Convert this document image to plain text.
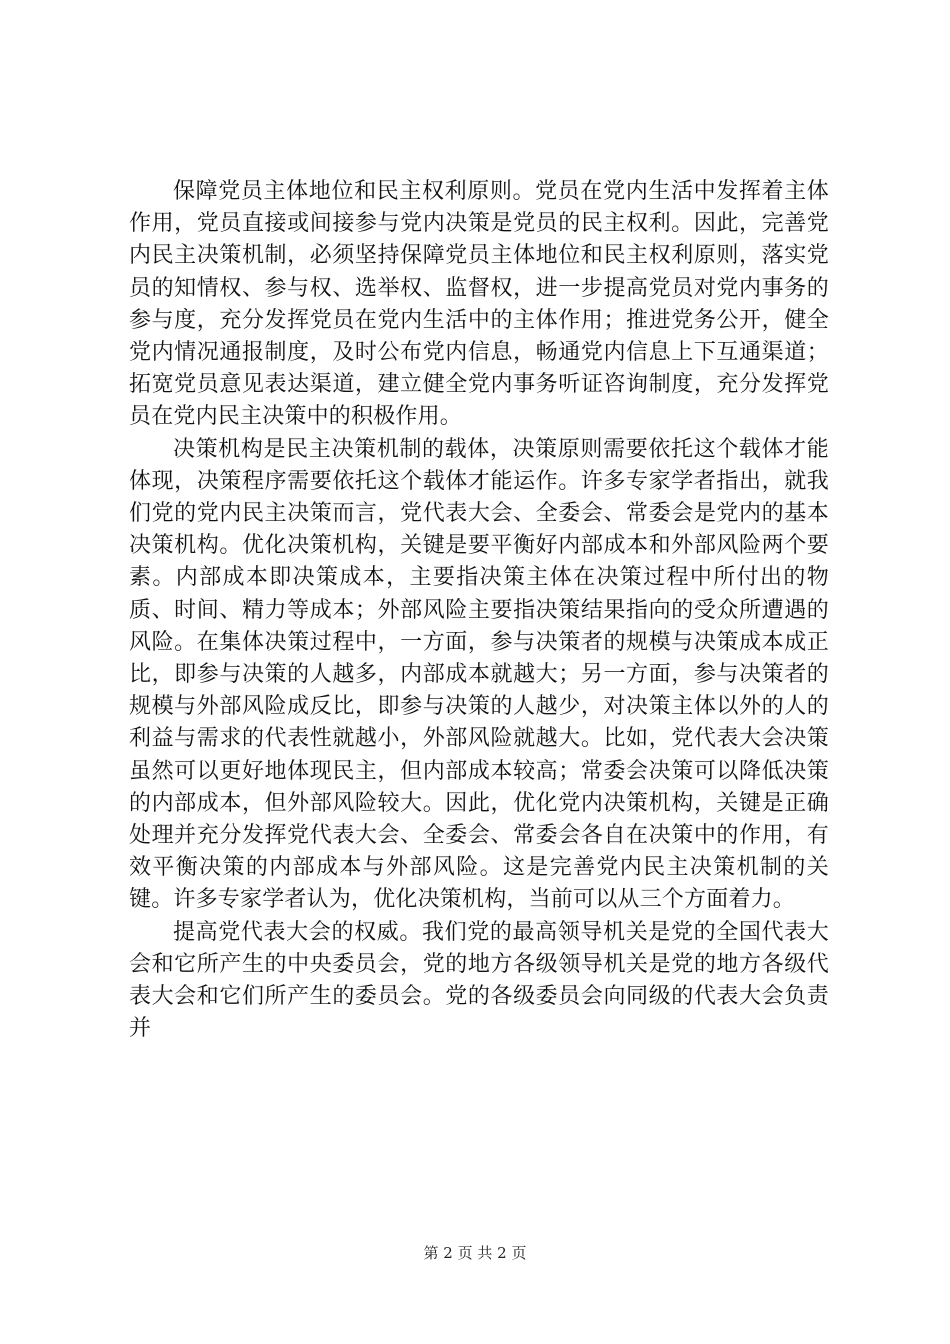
保障党员主体地位和民主权利原则。党员在党内生活中发挥着主体作用，党员直接或间接参与党内决策是党员的民主权利。因此，完善党内民主决策机制，必须坚持保障党员主体地位和民主权利原则，落实党员的知情权、参与权、选举权、监督权，进一步提高党员对党内事务的参与度，充分发挥党员在党内生活中的主体作用；推进党务公开，健全党内情况通报制度，及时公布党内信息，畅通党内信息上下互通渠道；拓宽党员意见表达渠道，建立健全党内事务听证咨询制度，充分发挥党员在党内民主决策中的积极作用。

决策机构是民主决策机制的载体，决策原则需要依托这个载体才能体现，决策程序需要依托这个载体才能运作。许多专家学者指出，就我们党的党内民主决策而言，党代表大会、全委会、常委会是党内的基本决策机构。优化决策机构，关键是要平衡好内部成本和外部风险两个要素。内部成本即决策成本，主要指决策主体在决策过程中所付出的物质、时间、精力等成本；外部风险主要指决策结果指向的受众所遭遇的风险。在集体决策过程中，一方面，参与决策者的规模与决策成本成正比，即参与决策的人越多，内部成本就越大；另一方面，参与决策者的规模与外部风险成反比，即参与决策的人越少，对决策主体以外的人的利益与需求的代表性就越小，外部风险就越大。比如，党代表大会决策虽然可以更好地体现民主，但内部成本较高；常委会决策可以降低决策的内部成本，但外部风险较大。因此，优化党内决策机构，关键是正确处理并充分发挥党代表大会、全委会、常委会各自在决策中的作用，有效平衡决策的内部成本与外部风险。这是完善党内民主决策机制的关键。许多专家学者认为，优化决策机构，当前可以从三个方面着力。

提高党代表大会的权威。我们党的最高领导机关是党的全国代表大会和它所产生的中央委员会，党的地方各级领导机关是党的地方各级代表大会和它们所产生的委员会。党的各级委员会向同级的代表大会负责并

第 2 页 共 2 页
